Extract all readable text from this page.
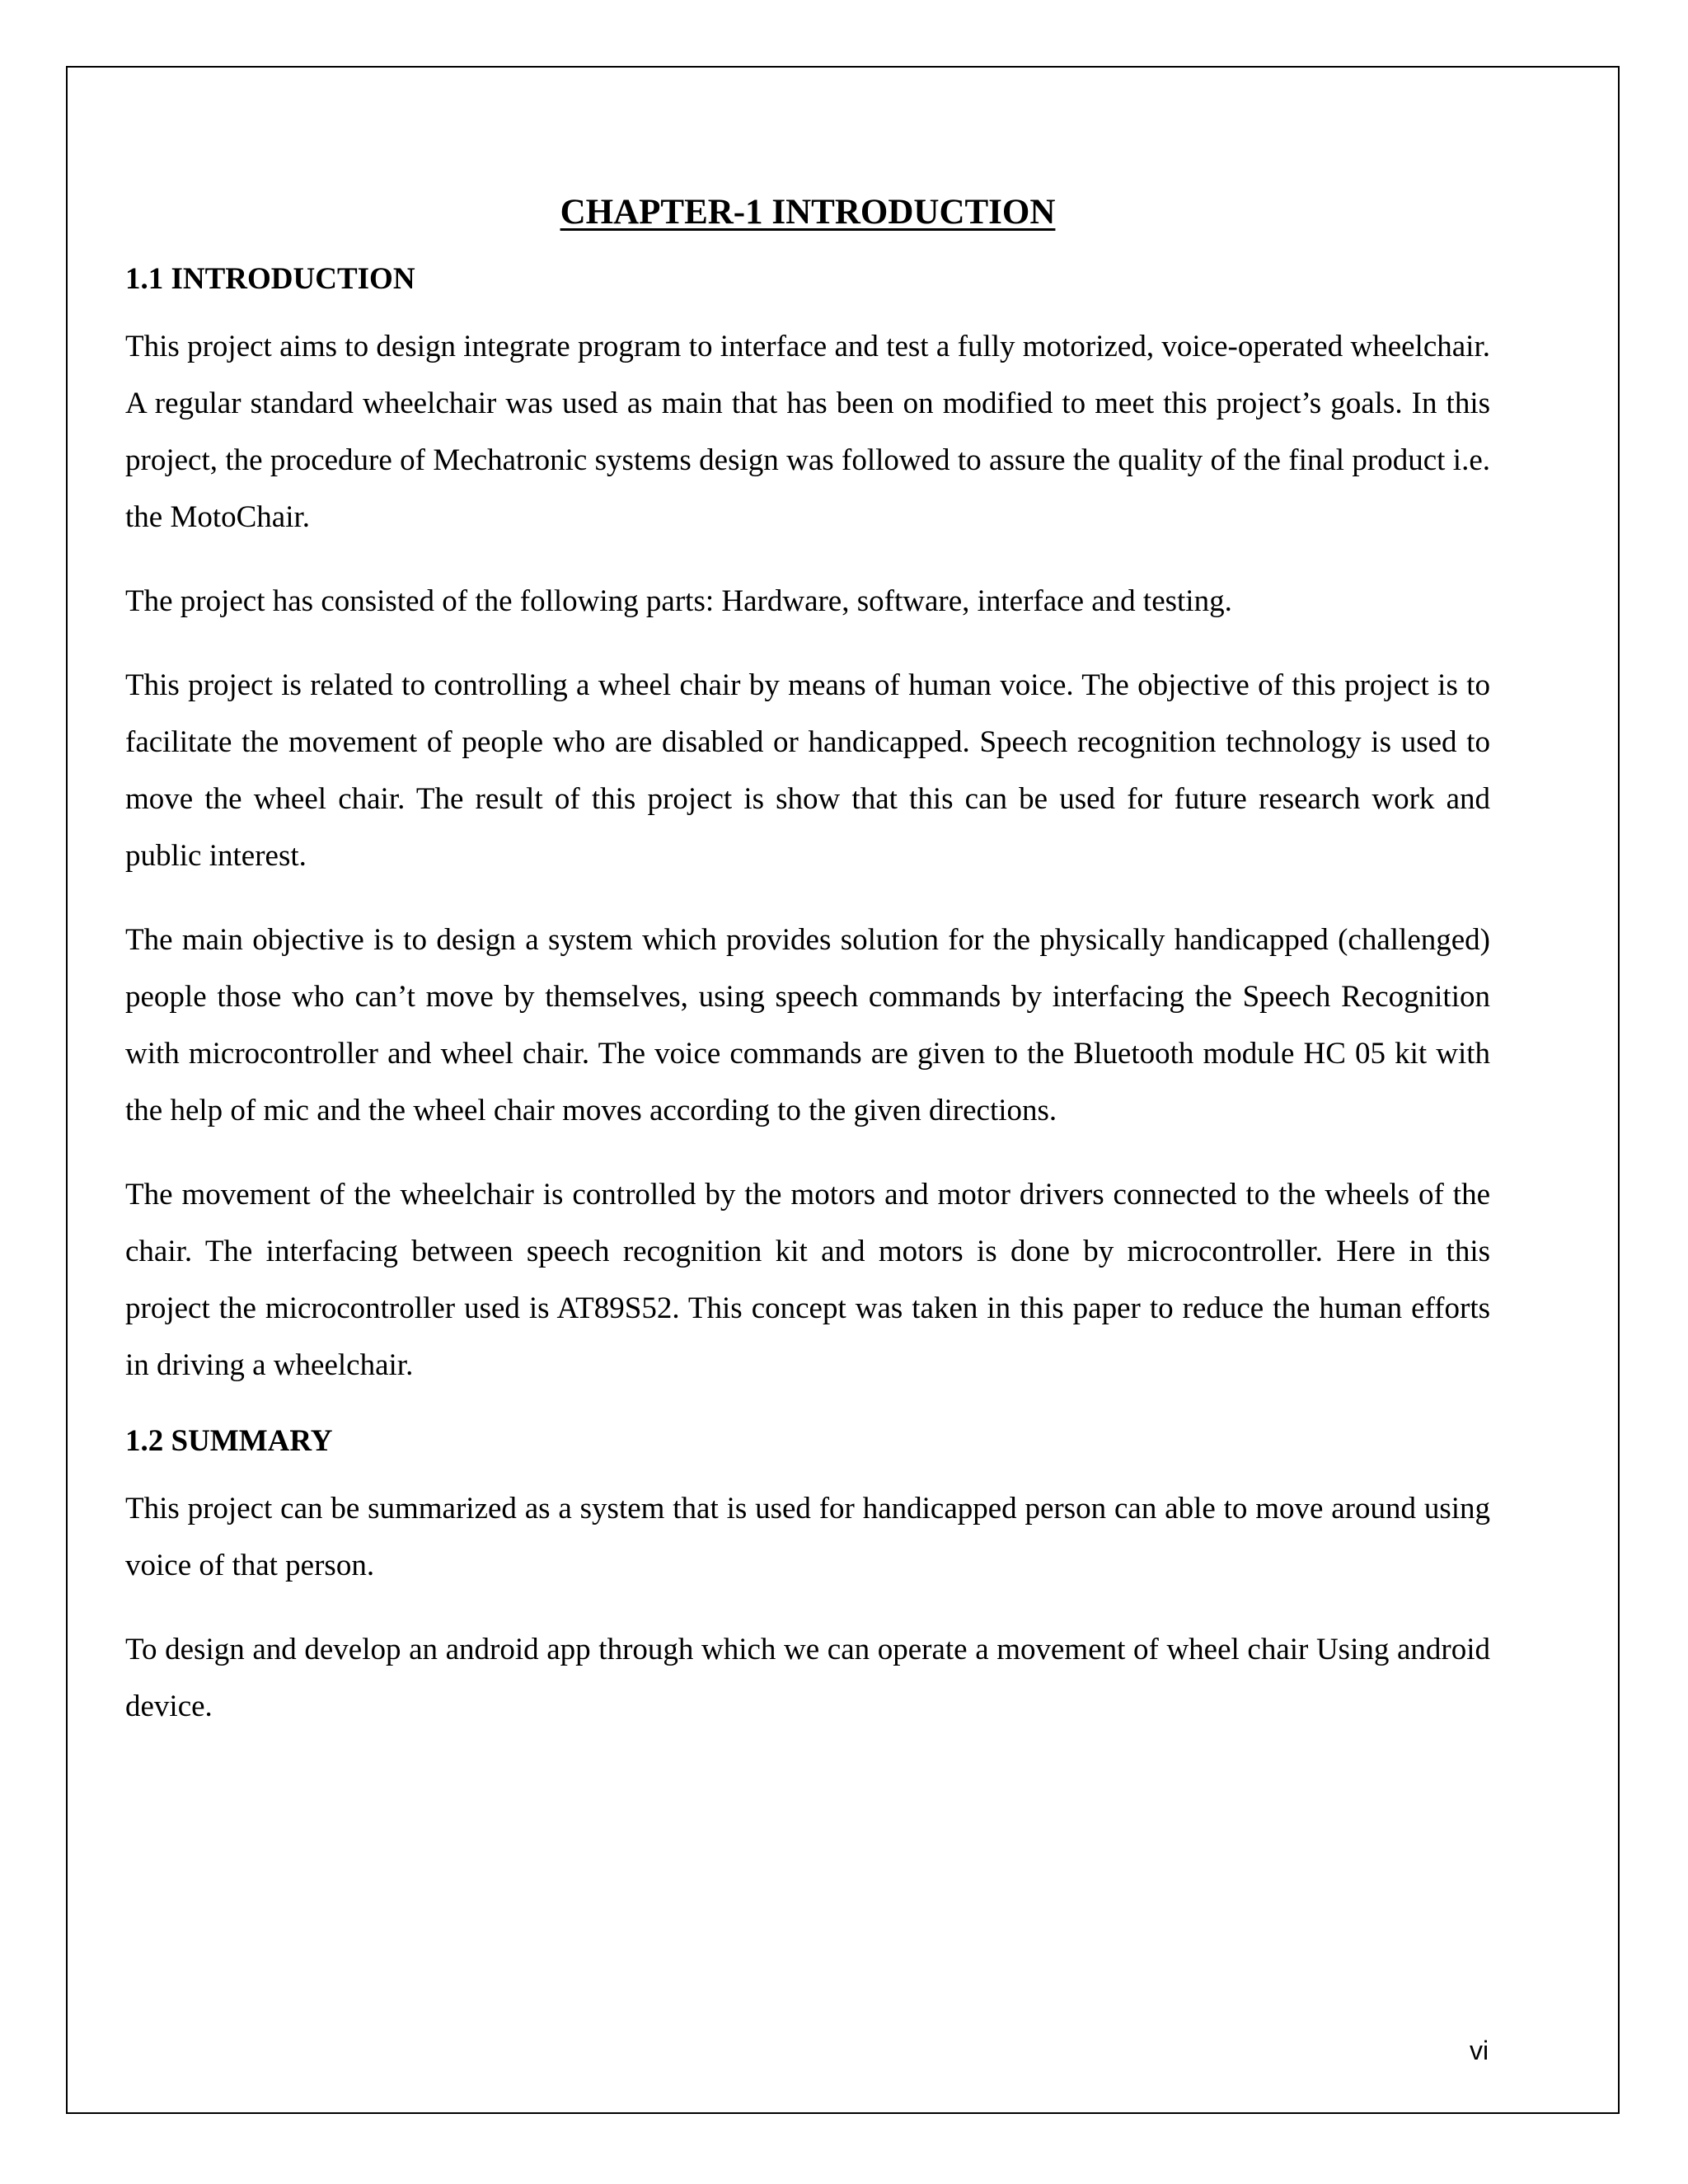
CHAPTER-1 INTRODUCTION
1.1 INTRODUCTION

This project aims to design integrate program to interface and test a fully motorized, voice-operated wheelchair. A regular standard wheelchair was used as main that has been on modified to meet this project’s goals. In this project, the procedure of Mechatronic systems design was followed to assure the quality of the final product i.e. the MotoChair.

The project has consisted of the following parts: Hardware, software, interface and testing.

This project is related to controlling a wheel chair by means of human voice. The objective of this project is to facilitate the movement of people who are disabled or handicapped. Speech recognition technology is used to move the wheel chair. The result of this project is show that this can be used for future research work and public interest.

The main objective is to design a system which provides solution for the physically handicapped (challenged) people those who can’t move by themselves, using speech commands by interfacing the Speech Recognition with microcontroller and wheel chair. The voice commands are given to the Bluetooth module HC 05 kit with the help of mic and the wheel chair moves according to the given directions.

The movement of the wheelchair is controlled by the motors and motor drivers connected to the wheels of the chair. The interfacing between speech recognition kit and motors is done by microcontroller. Here in this project the microcontroller used is AT89S52. This concept was taken in this paper to reduce the human efforts in driving a wheelchair.

1.2 SUMMARY

This project can be summarized as a system that is used for handicapped person can able to move around using voice of that person.

To design and develop an android app through which we can operate a movement of wheel chair Using android device.

vi
